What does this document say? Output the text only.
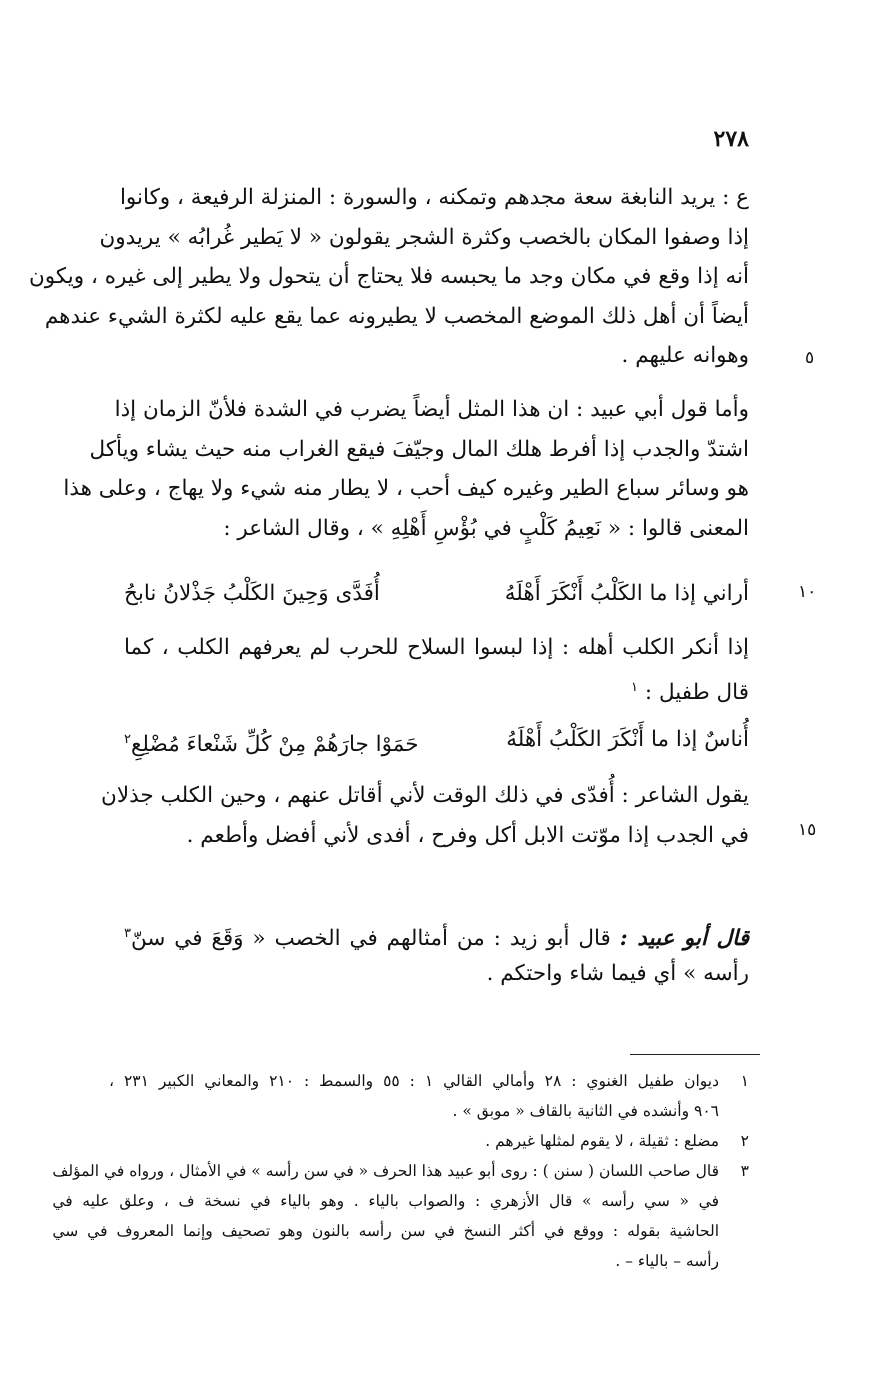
٢٧٨
٥
١٠
١٥
ع : يريد النابغة سعة مجدهم وتمكنه ، والسورة : المنزلة الرفيعة ، وكانوا
إذا وصفوا المكان بالخصب وكثرة الشجر يقولون « لا يَطير غُرابُه » يريدون
أنه إذا وقع في مكان وجد ما يحبسه فلا يحتاج أن يتحول ولا يطير إلى غيره ، ويكون
أيضاً أن أهل ذلك الموضع المخصب لا يطيرونه عما يقع عليه لكثرة الشيء عندهم
وهوانه عليهم .
وأما قول أبي عبيد : ان هذا المثل أيضاً يضرب في الشدة فلأنّ الزمان إذا
اشتدّ والجدب إذا أفرط هلك المال وجيّفَ فيقع الغراب منه حيث يشاء ويأكل
هو وسائر سباع الطير وغيره كيف أحب ، لا يطار منه شيء ولا يهاج ، وعلى هذا
المعنى قالوا : « نَعِيمُ كَلْبٍ في بُؤْسِ أَهْلِهِ » ، وقال الشاعر :
أراني إذا ما الكَلْبُ أَنْكَرَ أَهْلَهُ
أُفَدَّى وَحِينَ الكَلْبُ جَذْلانُ نابحُ
إذا أنكر الكلب أهله : إذا لبسوا السلاح للحرب لم يعرفهم الكلب ، كما
قال طفيل : $^١$
أُناسٌ إذا ما أَنْكَرَ الكَلْبُ أَهْلَهُ
حَمَوْا جارَهُمْ مِنْ كُلِّ شَنْعاءَ مُضْلِعِ$^٢$
يقول الشاعر : أُفدّى في ذلك الوقت لأني أقاتل عنهم ، وحين الكلب جذلان
في الجدب إذا موّتت الابل أكل وفرح ، أفدى لأني أفضل وأطعم .
قال أبو عبيد : قال أبو زيد : من أمثالهم في الخصب « وَقَعَ في سنّ$^٣$
رأسه » أي فيما شاء واحتكم .
١
ديوان طفيل الغنوي : ٢٨ وأمالي القالي ١ : ٥٥ والسمط : ٢١٠ والمعاني الكبير ٢٣١ ،
٩٠٦ وأنشده في الثانية بالقاف « موبق » .
٢
مضلع : ثقيلة ، لا يقوم لمثلها غيرهم .
٣
قال صاحب اللسان ( سنن ) : روى أبو عبيد هذا الحرف « في سن رأسه » في الأمثال ، ورواه في المؤلف
في « سي رأسه » قال الأزهري : والصواب بالياء . وهو بالياء في نسخة ف ، وعلق عليه في
الحاشية بقوله : ووقع في أكثر النسخ في سن رأسه بالنون وهو تصحيف وإنما المعروف في سي
رأسه – بالياء – .
